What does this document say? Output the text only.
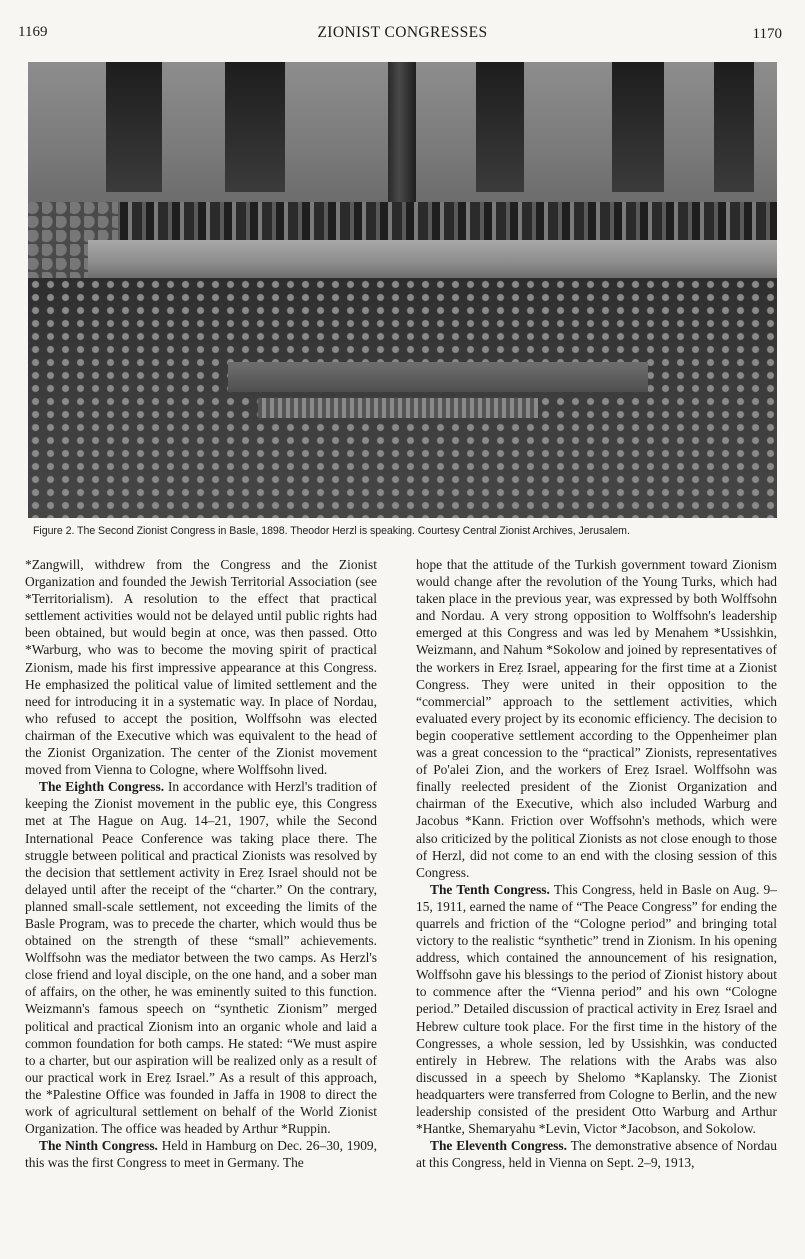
1169	ZIONIST CONGRESSES	1170
Figure 2. The Second Zionist Congress in Basle, 1898. Theodor Herzl is speaking. Courtesy Central Zionist Archives, Jerusalem.

*Zangwill, withdrew from the Congress and the Zionist Organization and founded the Jewish Territorial Association (see *Territorialism). A resolution to the effect that practical settlement activities would not be delayed until public rights had been obtained, but would begin at once, was then passed. Otto *Warburg, who was to become the moving spirit of practical Zionism, made his first impressive appearance at this Congress. He emphasized the political value of limited settlement and the need for introducing it in a systematic way. In place of Nordau, who refused to accept the position, Wolffsohn was elected chairman of the Executive which was equivalent to the head of the Zionist Organization. The center of the Zionist movement moved from Vienna to Cologne, where Wolffsohn lived.

The Eighth Congress. In accordance with Herzl's tradition of keeping the Zionist movement in the public eye, this Congress met at The Hague on Aug. 14–21, 1907, while the Second International Peace Conference was taking place there. The struggle between political and practical Zionists was resolved by the decision that settlement activity in Ereẓ Israel should not be delayed until after the receipt of the “charter.” On the contrary, planned small-scale settlement, not exceeding the limits of the Basle Program, was to precede the charter, which would thus be obtained on the strength of these “small” achievements. Wolffsohn was the mediator between the two camps. As Herzl's close friend and loyal disciple, on the one hand, and a sober man of affairs, on the other, he was eminently suited to this function. Weizmann's famous speech on “synthetic Zionism” merged political and practical Zionism into an organic whole and laid a common foundation for both camps. He stated: “We must aspire to a charter, but our aspiration will be realized only as a result of our practical work in Ereẓ Israel.” As a result of this approach, the *Palestine Office was founded in Jaffa in 1908 to direct the work of agricultural settlement on behalf of the World Zionist Organization. The office was headed by Arthur *Ruppin.

The Ninth Congress. Held in Hamburg on Dec. 26–30, 1909, this was the first Congress to meet in Germany. The

hope that the attitude of the Turkish government toward Zionism would change after the revolution of the Young Turks, which had taken place in the previous year, was expressed by both Wolffsohn and Nordau. A very strong opposition to Wolffsohn's leadership emerged at this Congress and was led by Menahem *Ussishkin, Weizmann, and Nahum *Sokolow and joined by representatives of the workers in Ereẓ Israel, appearing for the first time at a Zionist Congress. They were united in their opposition to the “commercial” approach to the settlement activities, which evaluated every project by its economic efficiency. The decision to begin cooperative settlement according to the Oppenheimer plan was a great concession to the “practical” Zionists, representatives of Po'alei Zion, and the workers of Ereẓ Israel. Wolffsohn was finally reelected president of the Zionist Organization and chairman of the Executive, which also included Warburg and Jacobus *Kann. Friction over Woffsohn's methods, which were also criticized by the political Zionists as not close enough to those of Herzl, did not come to an end with the closing session of this Congress.

The Tenth Congress. This Congress, held in Basle on Aug. 9–15, 1911, earned the name of “The Peace Congress” for ending the quarrels and friction of the “Cologne period” and bringing total victory to the realistic “synthetic” trend in Zionism. In his opening address, which contained the announcement of his resignation, Wolffsohn gave his blessings to the period of Zionist history about to commence after the “Vienna period” and his own “Cologne period.” Detailed discussion of practical activity in Ereẓ Israel and Hebrew culture took place. For the first time in the history of the Congresses, a whole session, led by Ussishkin, was conducted entirely in Hebrew. The relations with the Arabs was also discussed in a speech by Shelomo *Kaplansky. The Zionist headquarters were transferred from Cologne to Berlin, and the new leadership consisted of the president Otto Warburg and Arthur *Hantke, Shemaryahu *Levin, Victor *Jacobson, and Sokolow.

The Eleventh Congress. The demonstrative absence of Nordau at this Congress, held in Vienna on Sept. 2–9, 1913,
